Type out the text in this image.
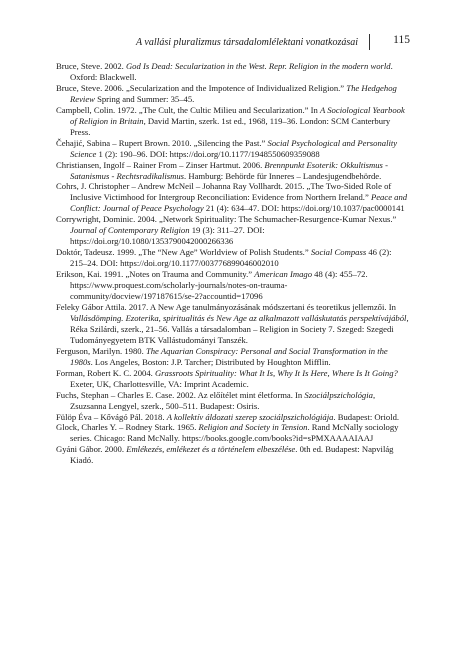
A vallási pluralizmus társadalomlélektani vonatkozásai	115

Bruce, Steve. 2002. God Is Dead: Secularization in the West. Repr. Religion in the modern world. Oxford: Blackwell.

Bruce, Steve. 2006. „Secularization and the Impotence of Individualized Religion.” The Hedgehog Review Spring and Summer: 35–45.

Campbell, Colin. 1972. „The Cult, the Cultic Milieu and Secularization.” In A Sociological Yearbook of Religion in Britain, David Martin, szerk. 1st ed., 1968, 119–36. London: SCM Canterbury Press.

Čehajić, Sabina – Rupert Brown. 2010. „Silencing the Past.” Social Psychological and Personality Science 1 (2): 190–96. DOI: https://doi.org/10.1177/1948550609359088

Christiansen, Ingolf – Rainer From – Zinser Hartmut. 2006. Brennpunkt Esoterik: Okkultismus - Satanismus - Rechtsradikalismus. Hamburg: Behörde für Inneres – Landesjugendbehörde.

Cohrs, J. Christopher – Andrew McNeil – Johanna Ray Vollhardt. 2015. „The Two-Sided Role of Inclusive Victimhood for Intergroup Reconciliation: Evidence from Northern Ireland.” Peace and Conflict: Journal of Peace Psychology 21 (4): 634–47. DOI: https://doi.org/10.1037/pac0000141

Corrywright, Dominic. 2004. „Network Spirituality: The Schumacher-Resurgence-Kumar Nexus.” Journal of Contemporary Religion 19 (3): 311–27. DOI: https://doi.org/10.1080/1353790042000266336

Doktór, Tadeusz. 1999. „The “New Age” Worldview of Polish Students.” Social Compass 46 (2): 215–24. DOI: https://doi.org/10.1177/003776899046002010

Erikson, Kai. 1991. „Notes on Trauma and Community.” American Imago 48 (4): 455–72. https://www.proquest.com/scholarly-journals/notes-on-trauma-community/docview/197187615/se-2?accountid=17096

Feleky Gábor Attila. 2017. A New Age tanulmányozásának módszertani és teoretikus jellemzői. In Vallásdömping. Ezoterika, spiritualitás és New Age az alkalmazott valláskutatás perspektívájából, Réka Szilárdi, szerk., 21–56. Vallás a társadalomban – Religion in Society 7. Szeged: Szegedi Tudományegyetem BTK Vallástudományi Tanszék.

Ferguson, Marilyn. 1980. The Aquarian Conspiracy: Personal and Social Transformation in the 1980s. Los Angeles, Boston: J.P. Tarcher; Distributed by Houghton Mifflin.

Forman, Robert K. C. 2004. Grassroots Spirituality: What It Is, Why It Is Here, Where Is It Going? Exeter, UK, Charlottesville, VA: Imprint Academic.

Fuchs, Stephan – Charles E. Case. 2002. Az előítélet mint életforma. In Szociálpszichológia, Zsuzsanna Lengyel, szerk., 500–511. Budapest: Osiris.

Fülöp Éva – Kővágó Pál. 2018. A kollektív áldozati szerep szociálpszichológiája. Budapest: Oriold.

Glock, Charles Y. – Rodney Stark. 1965. Religion and Society in Tension. Rand McNally sociology series. Chicago: Rand McNally. https://books.google.com/books?id=sPMXAAAAIAAJ

Gyáni Gábor. 2000. Emlékezés, emlékezet és a történelem elbeszélése. 0th ed. Budapest: Napvilág Kiadó.
